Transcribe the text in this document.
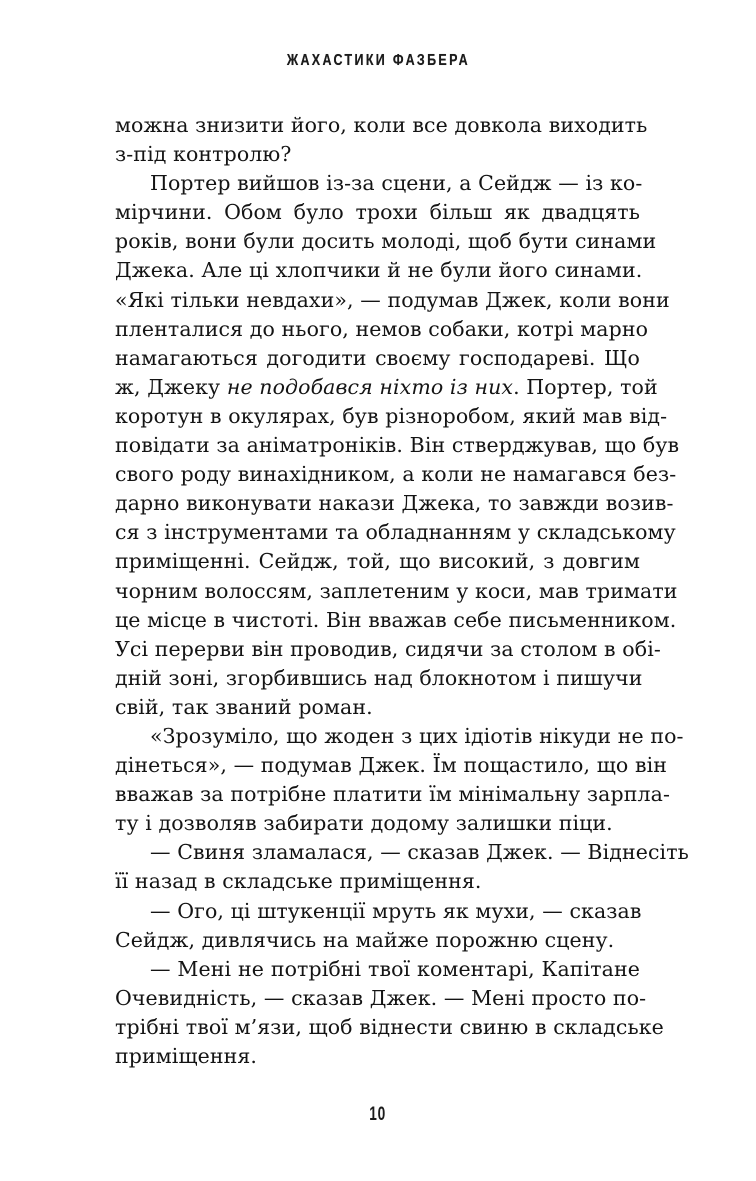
ЖАХАСТИКИ ФАЗБЕРА
можна знизити його, коли все довкола виходить
з-під контролю?
Портер вийшов із-за сцени, а Сейдж — із ко-
мірчини. Обом було трохи більш як двадцять
років, вони були досить молоді, щоб бути синами
Джека. Але ці хлопчики й не були його синами.
«Які тільки невдахи», — подумав Джек, коли вони
пленталися до нього, немов собаки, котрі марно
намагаються догодити своєму господареві. Що
ж, Джеку не подобався ніхто із них. Портер, той
коротун в окулярах, був різноробом, який мав від-
повідати за аніматроніків. Він стверджував, що був
свого роду винахідником, а коли не намагався без-
дарно виконувати накази Джека, то завжди возив-
ся з інструментами та обладнанням у складському
приміщенні. Сейдж, той, що високий, з довгим
чорним волоссям, заплетеним у коси, мав тримати
це місце в чистоті. Він вважав себе письменником.
Усі перерви він проводив, сидячи за столом в обі-
дній зоні, згорбившись над блокнотом і пишучи
свій, так званий роман.
«Зрозуміло, що жоден з цих ідіотів нікуди не по-
дінеться», — подумав Джек. Їм пощастило, що він
вважав за потрібне платити їм мінімальну зарпла-
ту і дозволяв забирати додому залишки піци.
— Свиня зламалася, — сказав Джек. — Віднесіть
її назад в складське приміщення.
— Ого, ці штукенції мруть як мухи, — сказав
Сейдж, дивлячись на майже порожню сцену.
— Мені не потрібні твої коментарі, Капітане
Очевидність, — сказав Джек. — Мені просто по-
трібні твої м’язи, щоб віднести свиню в складське
приміщення.
10
